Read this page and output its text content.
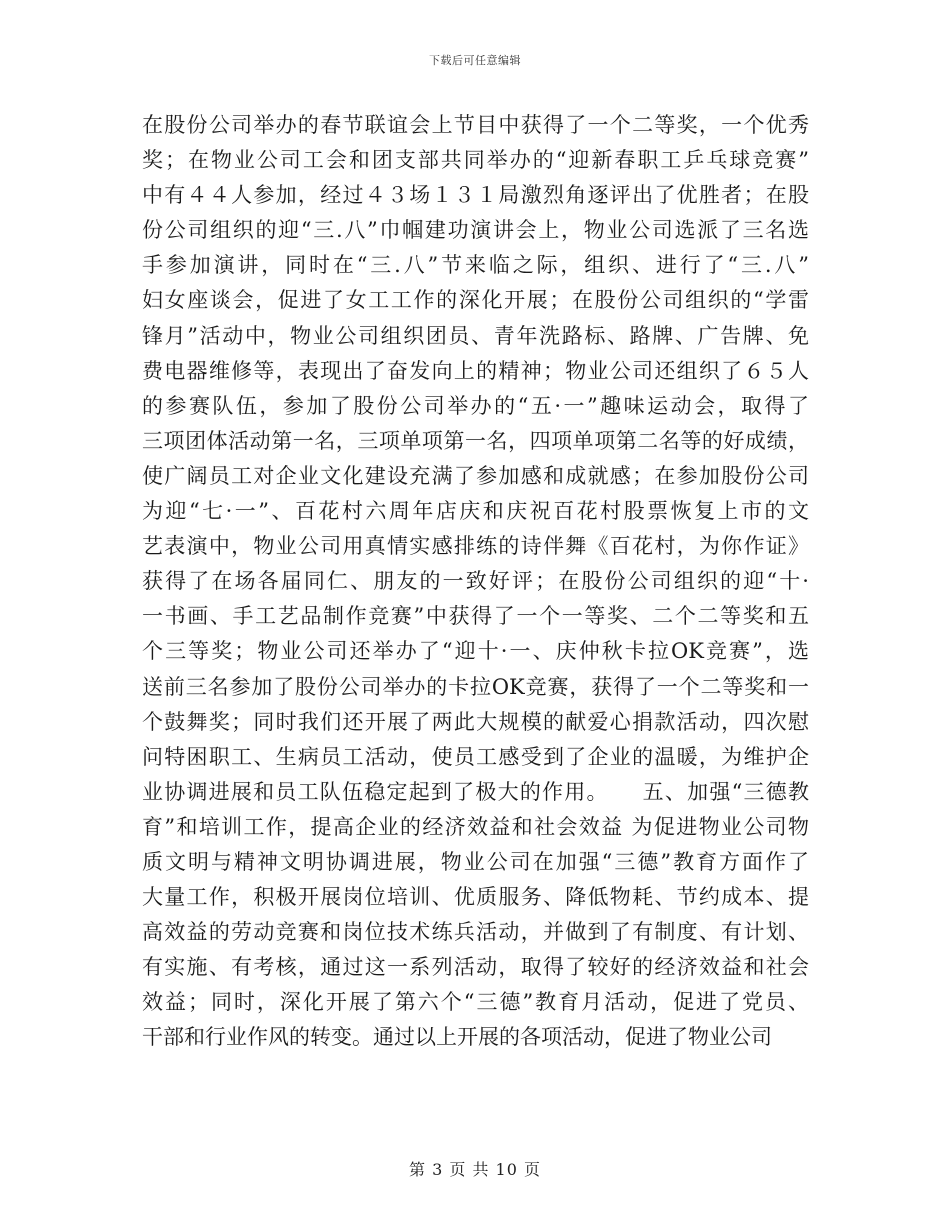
下载后可任意编辑
在股份公司举办的春节联谊会上节目中获得了一个二等奖，一个优秀
奖；在物业公司工会和团支部共同举办的“迎新春职工乒乓球竞赛”
中有４４人参加，经过４３场１３１局激烈角逐评出了优胜者；在股
份公司组织的迎“三.八”巾帼建功演讲会上，物业公司选派了三名选
手参加演讲，同时在“三.八”节来临之际，组织、进行了“三.八”
妇女座谈会，促进了女工工作的深化开展；在股份公司组织的“学雷
锋月”活动中，物业公司组织团员、青年洗路标、路牌、广告牌、免
费电器维修等，表现出了奋发向上的精神；物业公司还组织了６５人
的参赛队伍，参加了股份公司举办的“五·一”趣味运动会，取得了
三项团体活动第一名，三项单项第一名，四项单项第二名等的好成绩，
使广阔员工对企业文化建设充满了参加感和成就感；在参加股份公司
为迎“七·一”、百花村六周年店庆和庆祝百花村股票恢复上市的文
艺表演中，物业公司用真情实感排练的诗伴舞《百花村，为你作证》
获得了在场各届同仁、朋友的一致好评；在股份公司组织的迎“十·
一书画、手工艺品制作竞赛”中获得了一个一等奖、二个二等奖和五
个三等奖；物业公司还举办了“迎十·一、庆仲秋卡拉OK竞赛”，选
送前三名参加了股份公司举办的卡拉OK竞赛，获得了一个二等奖和一
个鼓舞奖；同时我们还开展了两此大规模的献爱心捐款活动，四次慰
问特困职工、生病员工活动，使员工感受到了企业的温暖，为维护企
业协调进展和员工队伍稳定起到了极大的作用。　　五、加强“三德教
育”和培训工作，提高企业的经济效益和社会效益 为促进物业公司物
质文明与精神文明协调进展，物业公司在加强“三德”教育方面作了
大量工作，积极开展岗位培训、优质服务、降低物耗、节约成本、提
高效益的劳动竞赛和岗位技术练兵活动，并做到了有制度、有计划、
有实施、有考核，通过这一系列活动，取得了较好的经济效益和社会
效益；同时，深化开展了第六个“三德”教育月活动，促进了党员、
干部和行业作风的转变。通过以上开展的各项活动，促进了物业公司
第 3 页 共 10 页
